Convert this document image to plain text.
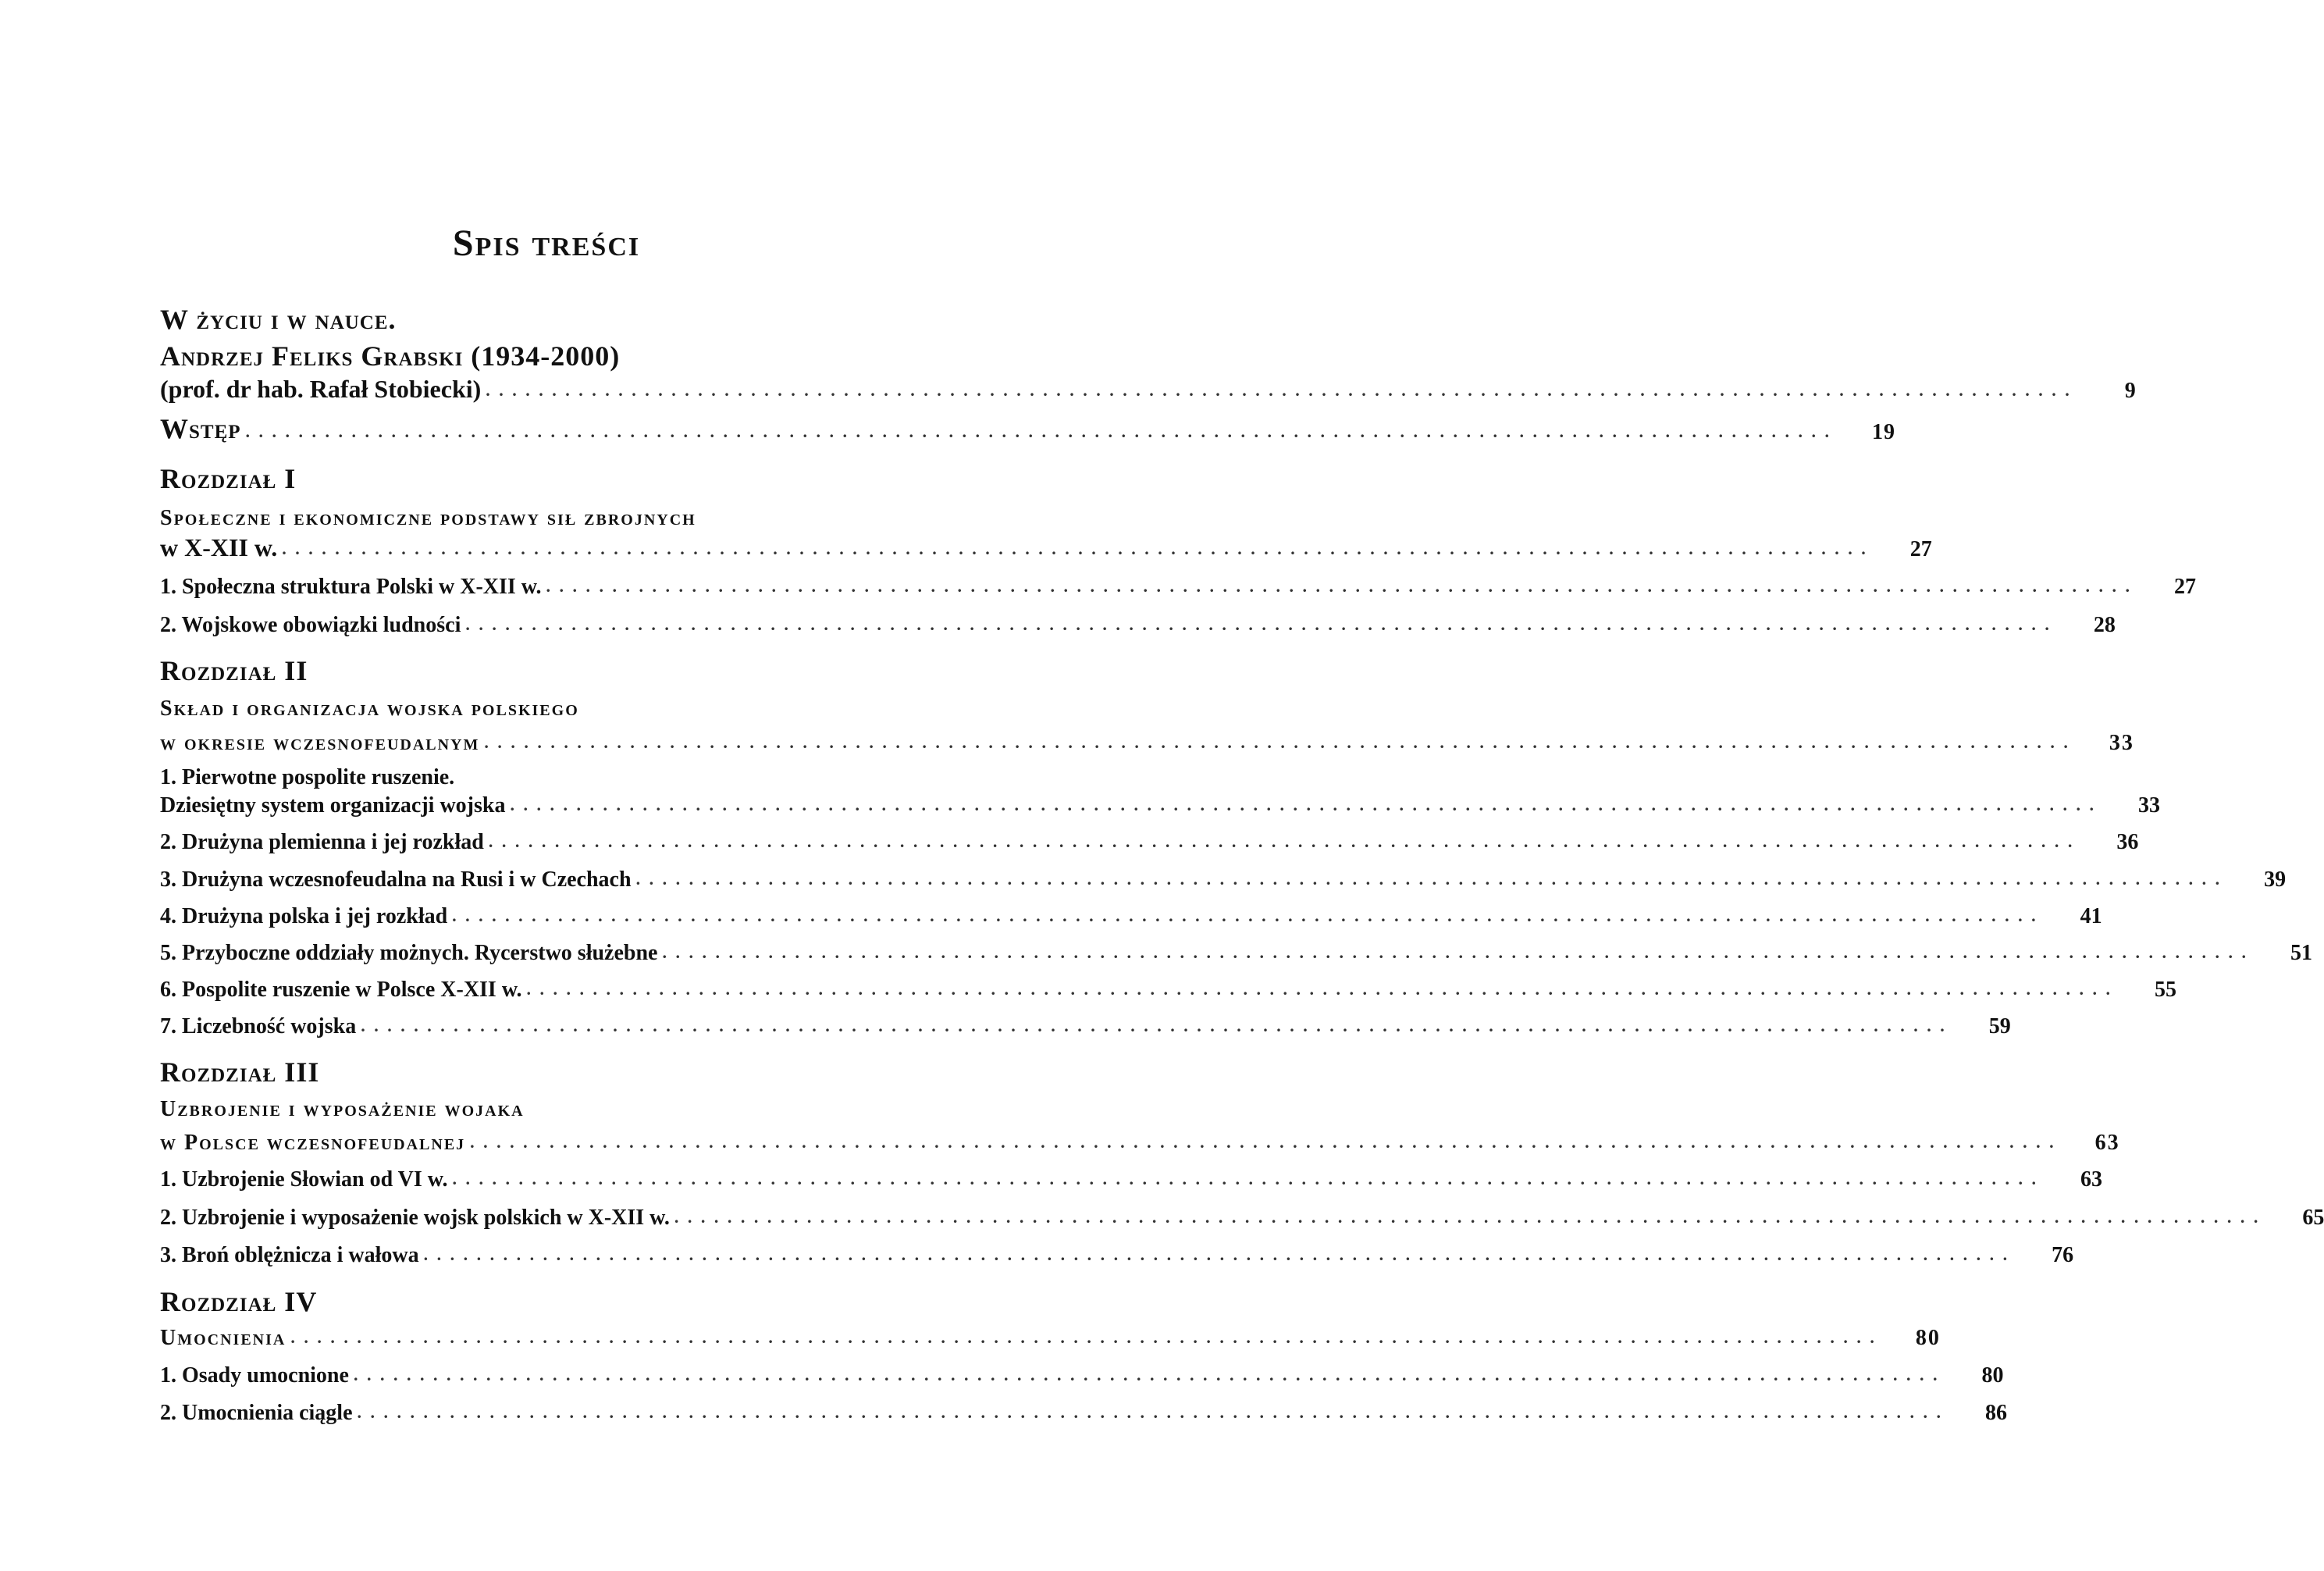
Spis treści
W życiu i w nauce.
Andrzej Feliks Grabski (1934-2000)
(prof. dr hab. Rafał Stobiecki) . . . . . . . . . . . . . . . . . . . . . . . . . . . . . . . . . . . . . . . . . . . . . . . . . . . . . . . . . . . . . . . . . . . . . . . . . . . . . . . . . . . . . . . . . . . . . . . . . . . . . . . . . . . . . . . . . . . . . . . .	9
Wstęp . . . . . . . . . . . . . . . . . . . . . . . . . . . . . . . . . . . . . . . . . . . . . . . . . . . . . . . . . . . . . . . . . . . . . . . . . . . . . . . . . . . . . . . . . . . . . . . . . . . . . . . . . . . . . . . . . . . . . . . .	19
Rozdział I
Społeczne i ekonomiczne podstawy sił zbrojnych
w X-XII w. . . . . . . . . . . . . . . . . . . . . . . . . . . . . . . . . . . . . . . . . . . . . . . . . . . . . . . . . . . . . . . . . . . . . . . . . . . . . . . . . . . . . . . . . . . . . . . . . . . . . . . . . . . . . . . . . . . . . . . . .	27
1. Społeczna struktura Polski w X-XII w. . . . . . . . . . . . . . . . . . . . . . . . . . . . . . . . . . . . . . . . . . . . . . . . . . . . . . . . . . . . . . . . . . . . . . . . . . . . . . . . . . . . . . . . . . . . . . . . . . . . . . . . . . . . . . . . . . . . . . . . .	27
2. Wojskowe obowiązki ludności . . . . . . . . . . . . . . . . . . . . . . . . . . . . . . . . . . . . . . . . . . . . . . . . . . . . . . . . . . . . . . . . . . . . . . . . . . . . . . . . . . . . . . . . . . . . . . . . . . . . . . . . . . . . . . . . . . . . . . . .	28
Rozdział II
Skład i organizacja wojska polskiego
w okresie wczesnofeudalnym . . . . . . . . . . . . . . . . . . . . . . . . . . . . . . . . . . . . . . . . . . . . . . . . . . . . . . . . . . . . . . . . . . . . . . . . . . . . . . . . . . . . . . . . . . . . . . . . . . . . . . . . . . . . . . . . . . . . . . . .	33
1. Pierwotne pospolite ruszenie.
Dziesiętny system organizacji wojska . . . . . . . . . . . . . . . . . . . . . . . . . . . . . . . . . . . . . . . . . . . . . . . . . . . . . . . . . . . . . . . . . . . . . . . . . . . . . . . . . . . . . . . . . . . . . . . . . . . . . . . . . . . . . . . . . . . . . . . .	33
2. Drużyna plemienna i jej rozkład . . . . . . . . . . . . . . . . . . . . . . . . . . . . . . . . . . . . . . . . . . . . . . . . . . . . . . . . . . . . . . . . . . . . . . . . . . . . . . . . . . . . . . . . . . . . . . . . . . . . . . . . . . . . . . . . . . . . . . . .	36
3. Drużyna wczesnofeudalna na Rusi i w Czechach . . . . . . . . . . . . . . . . . . . . . . . . . . . . . . . . . . . . . . . . . . . . . . . . . . . . . . . . . . . . . . . . . . . . . . . . . . . . . . . . . . . . . . . . . . . . . . . . . . . . . . . . . . . . . . . . . . . . . . . .	39
4. Drużyna polska i jej rozkład . . . . . . . . . . . . . . . . . . . . . . . . . . . . . . . . . . . . . . . . . . . . . . . . . . . . . . . . . . . . . . . . . . . . . . . . . . . . . . . . . . . . . . . . . . . . . . . . . . . . . . . . . . . . . . . . . . . . . . . .	41
5. Przyboczne oddziały możnych. Rycerstwo służebne . . . . . . . . . . . . . . . . . . . . . . . . . . . . . . . . . . . . . . . . . . . . . . . . . . . . . . . . . . . . . . . . . . . . . . . . . . . . . . . . . . . . . . . . . . . . . . . . . . . . . . . . . . . . . . . . . . . . . . . .	51
6. Pospolite ruszenie w Polsce X-XII w. . . . . . . . . . . . . . . . . . . . . . . . . . . . . . . . . . . . . . . . . . . . . . . . . . . . . . . . . . . . . . . . . . . . . . . . . . . . . . . . . . . . . . . . . . . . . . . . . . . . . . . . . . . . . . . . . . . . . . . . .	55
7. Liczebność wojska . . . . . . . . . . . . . . . . . . . . . . . . . . . . . . . . . . . . . . . . . . . . . . . . . . . . . . . . . . . . . . . . . . . . . . . . . . . . . . . . . . . . . . . . . . . . . . . . . . . . . . . . . . . . . . . . . . . . . . . .	59
Rozdział III
Uzbrojenie i wyposażenie wojaka
w Polsce wczesnofeudalnej . . . . . . . . . . . . . . . . . . . . . . . . . . . . . . . . . . . . . . . . . . . . . . . . . . . . . . . . . . . . . . . . . . . . . . . . . . . . . . . . . . . . . . . . . . . . . . . . . . . . . . . . . . . . . . . . . . . . . . . .	63
1. Uzbrojenie Słowian od VI w. . . . . . . . . . . . . . . . . . . . . . . . . . . . . . . . . . . . . . . . . . . . . . . . . . . . . . . . . . . . . . . . . . . . . . . . . . . . . . . . . . . . . . . . . . . . . . . . . . . . . . . . . . . . . . . . . . . . . . . . .	63
2. Uzbrojenie i wyposażenie wojsk polskich w X-XII w. . . . . . . . . . . . . . . . . . . . . . . . . . . . . . . . . . . . . . . . . . . . . . . . . . . . . . . . . . . . . . . . . . . . . . . . . . . . . . . . . . . . . . . . . . . . . . . . . . . . . . . . . . . . . . . . . . . . . . . . .	65
3. Broń oblężnicza i wałowa . . . . . . . . . . . . . . . . . . . . . . . . . . . . . . . . . . . . . . . . . . . . . . . . . . . . . . . . . . . . . . . . . . . . . . . . . . . . . . . . . . . . . . . . . . . . . . . . . . . . . . . . . . . . . . . . . . . . . . . .	76
Rozdział IV
Umocnienia . . . . . . . . . . . . . . . . . . . . . . . . . . . . . . . . . . . . . . . . . . . . . . . . . . . . . . . . . . . . . . . . . . . . . . . . . . . . . . . . . . . . . . . . . . . . . . . . . . . . . . . . . . . . . . . . . . . . . . . .	80
1. Osady umocnione . . . . . . . . . . . . . . . . . . . . . . . . . . . . . . . . . . . . . . . . . . . . . . . . . . . . . . . . . . . . . . . . . . . . . . . . . . . . . . . . . . . . . . . . . . . . . . . . . . . . . . . . . . . . . . . . . . . . . . . .	80
2. Umocnienia ciągle . . . . . . . . . . . . . . . . . . . . . . . . . . . . . . . . . . . . . . . . . . . . . . . . . . . . . . . . . . . . . . . . . . . . . . . . . . . . . . . . . . . . . . . . . . . . . . . . . . . . . . . . . . . . . . . . . . . . . . . .	86
